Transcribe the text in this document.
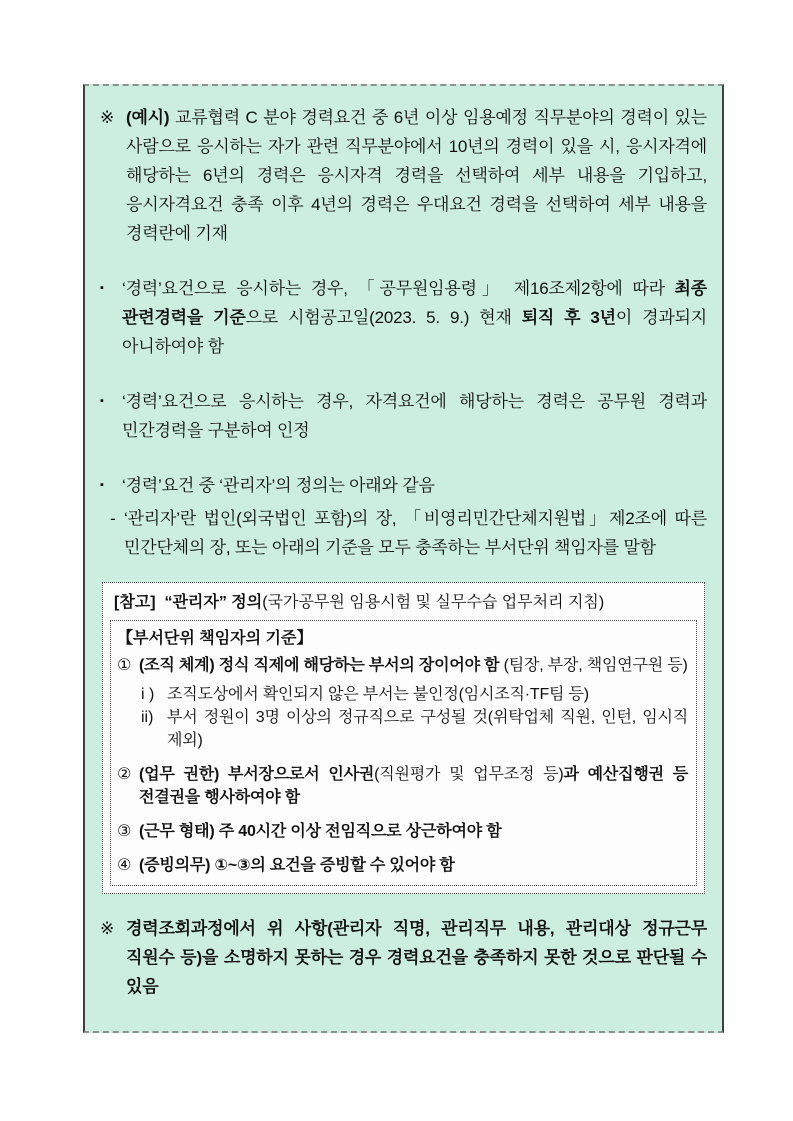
※ (예시) 교류협력 C 분야 경력요건 중 6년 이상 임용예정 직무분야의 경력이 있는 사람으로 응시하는 자가 관련 직무분야에서 10년의 경력이 있을 시, 응시자격에 해당하는 6년의 경력은 응시자격 경력을 선택하여 세부 내용을 기입하고, 응시자격요건 충족 이후 4년의 경력은 우대요건 경력을 선택하여 세부 내용을 경력란에 기재
▪	‘경력’요건으로 응시하는 경우, 「공무원임용령」 제16조제2항에 따라 최종 관련경력을 기준으로 시험공고일(2023. 5. 9.) 현재 퇴직 후 3년이 경과되지 아니하여야 함
▪	‘경력’요건으로 응시하는 경우, 자격요건에 해당하는 경력은 공무원 경력과 민간경력을 구분하여 인정
▪	‘경력’요건 중 ‘관리자’의 정의는 아래와 같음
- ‘관리자’란 법인(외국법인 포함)의 장, 「비영리민간단체지원법」제2조에 따른 민간단체의 장, 또는 아래의 기준을 모두 충족하는 부서단위 책임자를 말함
[참고] “관리자” 정의(국가공무원 임용시험 및 실무수습 업무처리 지침)
【부서단위 책임자의 기준】
① (조직 체계) 정식 직제에 해당하는 부서의 장이어야 함 (팀장, 부장, 책임연구원 등)
i ) 조직도상에서 확인되지 않은 부서는 불인정(임시조직·TF팀 등)
ii) 부서 정원이 3명 이상의 정규직으로 구성될 것(위탁업체 직원, 인턴, 임시직 제외)
② (업무 권한) 부서장으로서 인사권(직원평가 및 업무조정 등)과 예산집행권 등 전결권을 행사하여야 함
③ (근무 형태) 주 40시간 이상 전임직으로 상근하여야 함
④ (증빙의무) ①~③의 요건을 증빙할 수 있어야 함
※ 경력조회과정에서 위 사항(관리자 직명, 관리직무 내용, 관리대상 정규근무 직원수 등)을 소명하지 못하는 경우 경력요건을 충족하지 못한 것으로 판단될 수 있음
